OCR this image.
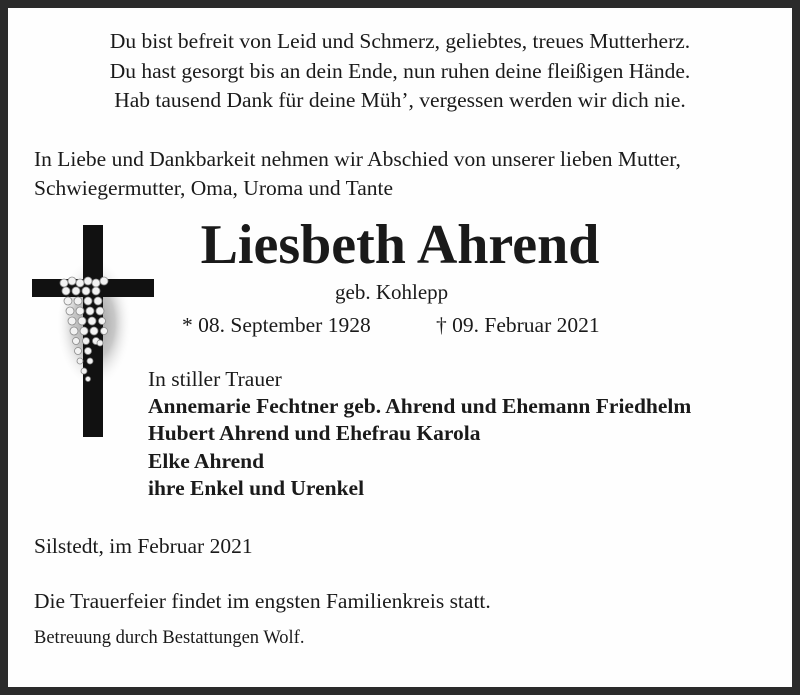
Du bist befreit von Leid und Schmerz, geliebtes, treues Mutterherz.
Du hast gesorgt bis an dein Ende, nun ruhen deine fleißigen Hände.
Hab tausend Dank für deine Müh’, vergessen werden wir dich nie.
In Liebe und Dankbarkeit nehmen wir Abschied von unserer lieben Mutter,
Schwiegermutter, Oma, Uroma und Tante
Liesbeth Ahrend
geb. Kohlepp
* 08. September 1928	† 09. Februar 2021
In stiller Trauer
Annemarie Fechtner geb. Ahrend und Ehemann Friedhelm
Hubert Ahrend und Ehefrau Karola
Elke Ahrend
ihre Enkel und Urenkel
Silstedt, im Februar 2021
Die Trauerfeier findet im engsten Familienkreis statt.
Betreuung durch Bestattungen Wolf.
